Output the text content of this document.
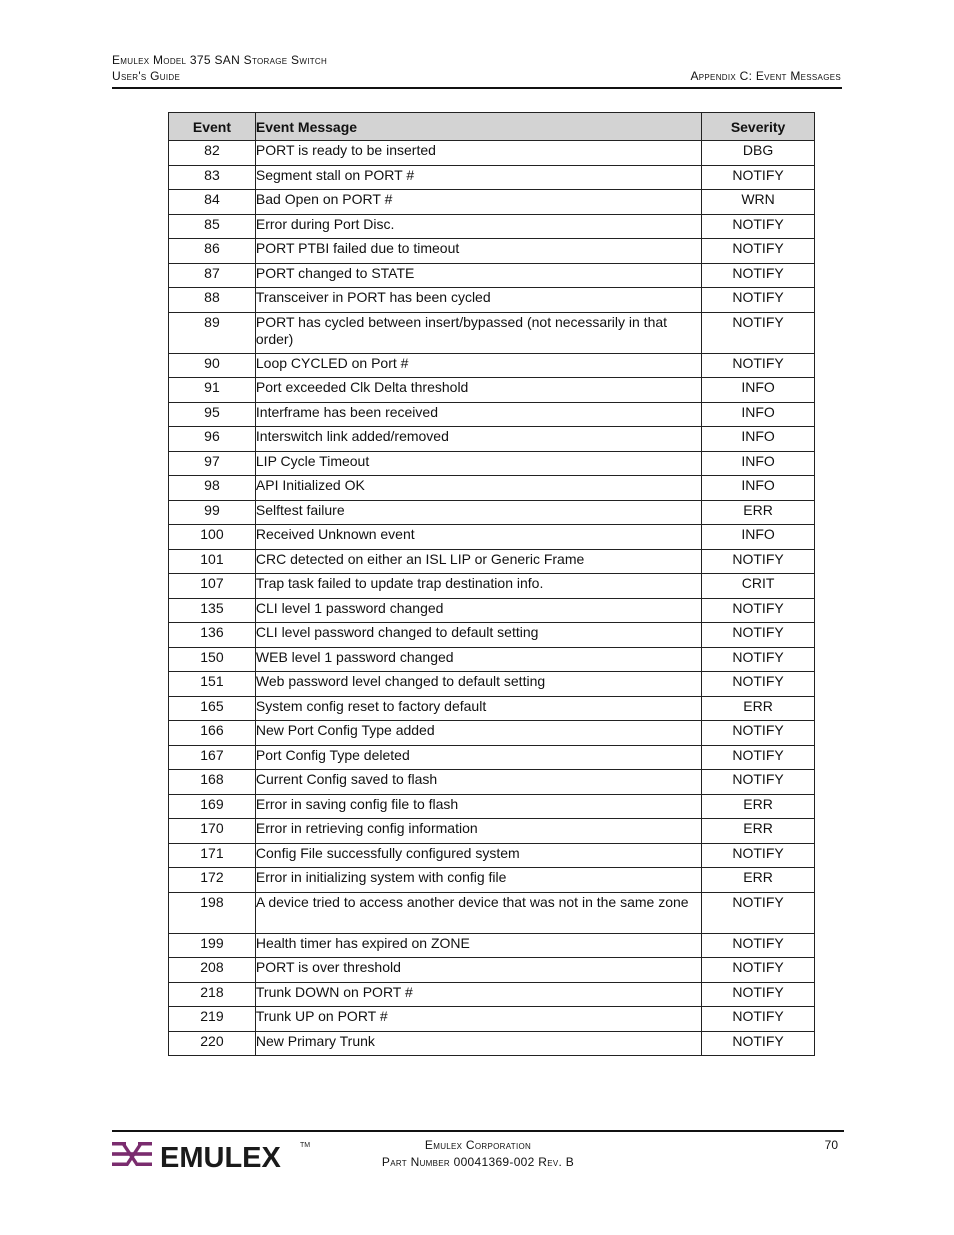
Emulex Model 375 SAN Storage Switch
User's Guide	Appendix C: Event Messages
Event	Event Message	Severity
82	PORT is ready to be inserted	DBG
83	Segment stall on PORT #	NOTIFY
84	Bad Open on PORT #	WRN
85	Error during Port Disc.	NOTIFY
86	PORT PTBI failed due to timeout	NOTIFY
87	PORT changed to STATE	NOTIFY
88	Transceiver in PORT has been cycled	NOTIFY
89	PORT has cycled between insert/bypassed (not necessarily in that order)	NOTIFY
90	Loop CYCLED on Port #	NOTIFY
91	Port exceeded Clk Delta threshold	INFO
95	Interframe has been received	INFO
96	Interswitch link added/removed	INFO
97	LIP Cycle Timeout	INFO
98	API Initialized OK	INFO
99	Selftest failure	ERR
100	Received Unknown event	INFO
101	CRC detected on either an ISL LIP or Generic Frame	NOTIFY
107	Trap task failed to update trap destination info.	CRIT
135	CLI level 1 password changed	NOTIFY
136	CLI level password changed to default setting	NOTIFY
150	WEB level 1 password changed	NOTIFY
151	Web password level changed to default setting	NOTIFY
165	System config reset to factory default	ERR
166	New Port Config Type added	NOTIFY
167	Port Config Type deleted	NOTIFY
168	Current Config saved to flash	NOTIFY
169	Error in saving config file to flash	ERR
170	Error in retrieving config information	ERR
171	Config File successfully configured system	NOTIFY
172	Error in initializing system with config file	ERR
198	A device tried to access another device that was not in the same zone	NOTIFY
199	Health timer has expired on ZONE	NOTIFY
208	PORT is over threshold	NOTIFY
218	Trunk DOWN on PORT #	NOTIFY
219	Trunk UP on PORT #	NOTIFY
220	New Primary Trunk	NOTIFY
EMULEX	TM	Emulex Corporation
Part Number 00041369-002 Rev. B
70
